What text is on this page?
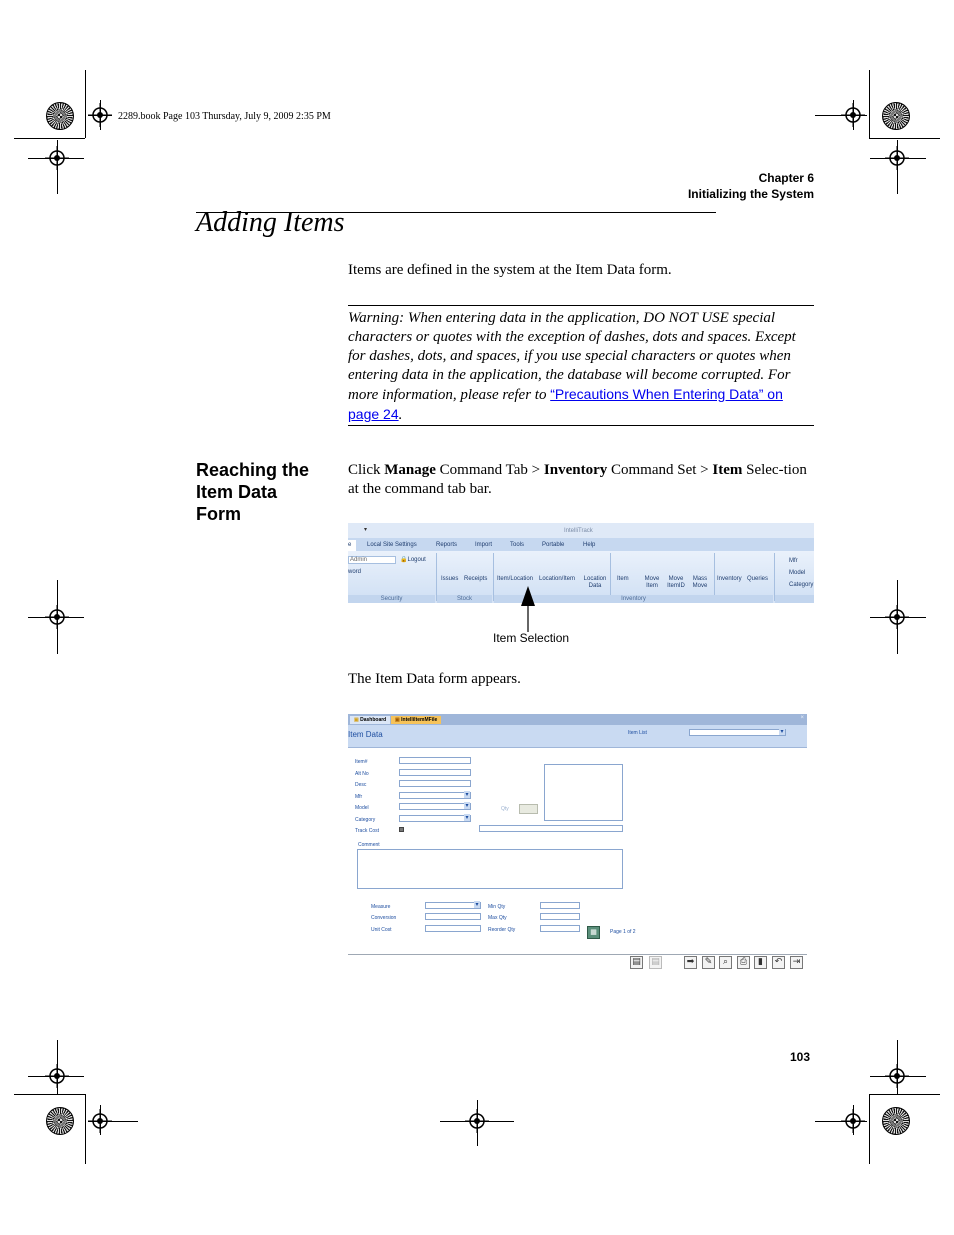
2289.book Page 103 Thursday, July 9, 2009 2:35 PM
Chapter 6
Initializing the System
Adding Items
Items are defined in the system at the Item Data form.
Warning: When entering data in the application, DO NOT USE special characters or quotes with the exception of dashes, dots and spaces. Except for dashes, dots, and spaces, if you use special characters or quotes when entering data in the application, the database will become corrupted. For more information, please refer to “Precautions When Entering Data” on page 24.
Reaching the Item Data Form
Click Manage Command Tab > Inventory Command Set > Item Selec-tion at the command tab bar.
▾	IntelliTrack
e	Local Site Settings	Reports	Import	Tools	Portable	Help
Admin	🔒Logout
word
Issues Receipts Item/Location Location/Item Location Data
Item	Move Item
Move ItemID
Mass Move
Inventory Queries
Mfr
Model
Category
Security	Stock	Inventory
Item Selection
The Item Data form appears.
▣ Dashboard	▣ IntelliItemMFile	×
Item Data	Item List
▾
Item#
Alt No
Desc
Mfr
Model
Category
Track Cost
▾
▾
▾
Qty
Comment
Measure
Conversion
Unit Cost
▾
Min Qty
Max Qty
Reorder Qty	▦	Page 1 of 2
▤ ▤	➡	✎	⌕	⎙	▮	↶	⇥
103
